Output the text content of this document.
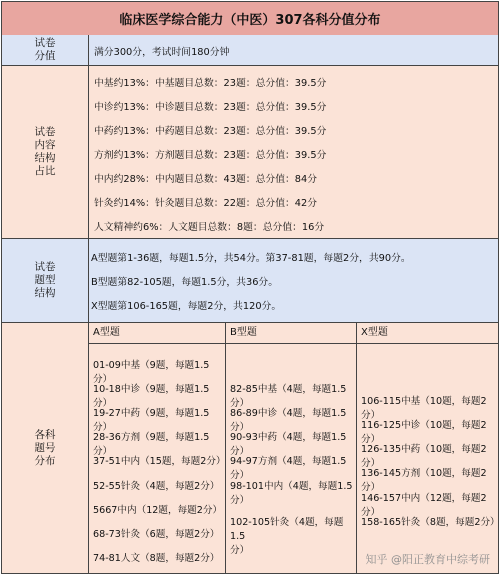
临床医学综合能力（中医）307各科分值分布
试卷
分值	满分300分，考试时间180分钟
试卷
内容
结构
占比
中基约13%：中基题目总数：23题：总分值：39.5分
中诊约13%：中诊题目总数：23题：总分值：39.5分
中药约13%：中药题目总数：23题：总分值：39.5分
方剂约13%：方剂题目总数：23题：总分值：39.5分
中内约28%：中内题目总数：43题：总分值：84分
针灸约14%：针灸题目总数：22题：总分值：42分
人文精神约6%：人文题目总数：8题：总分值：16分
试卷
题型
结构
A型题第1-36题，每题1.5分，共54分。第37-81题，每题2分，共90分。
B型题第82-105题，每题1.5分，共36分。
X型题第106-165题，每题2分，共120分。
各科
题号
分布
A型题
01-09中基（9题，每题1.5分）
10-18中诊（9题，每题1.5分）
19-27中药（9题，每题1.5分）
28-36方剂（9题，每题1.5分）
37-51中内（15题，每题2分）
52-55针灸（4题，每题2分）
5667中内（12题，每题2分）
68-73针灸（6题，每题2分）
74-81人文（8题，每题2分）
B型题
82-85中基（4题，每题1.5分）
86-89中诊（4题，每题1.5分）
90-93中药（4题，每题1.5分）
94-97方剂（4题，每题1.5分）
98-101中内（4题，每题1.5
分）
102-105针灸（4题，每题1.5
分）
X型题
106-115中基（10题，每题2分）
116-125中诊（10题，每题2分）
126-135中药（10题，每题2分）
136-145方剂（10题，每题2分）
146-157中内（12题，每题2分）
158-165针灸（8题，每题2分）
知乎 @阳正教育中综考研
